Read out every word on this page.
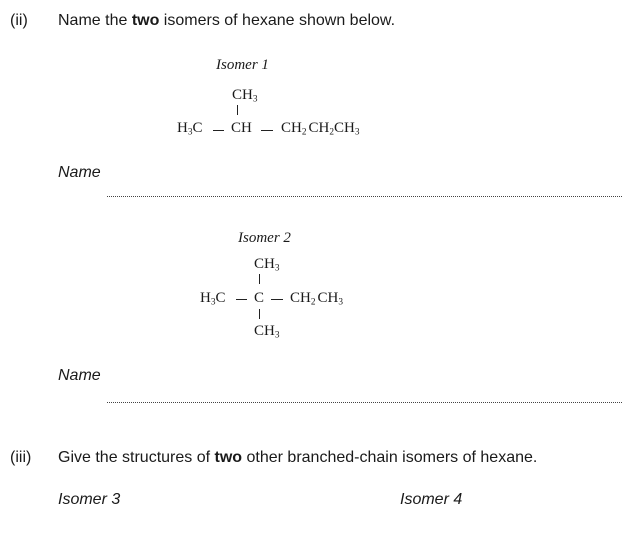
(ii) Name the two isomers of hexane shown below.
Isomer 1
$CH_3$
$H_3C$ CH $CH_2$ $CH_2CH_3$
Name
Isomer 2
$CH_3$
$H_3C$ C $CH_2$ $CH_3$
$CH_3$
Name
(iii) Give the structures of two other branched-chain isomers of hexane.
Isomer 3	Isomer 4
